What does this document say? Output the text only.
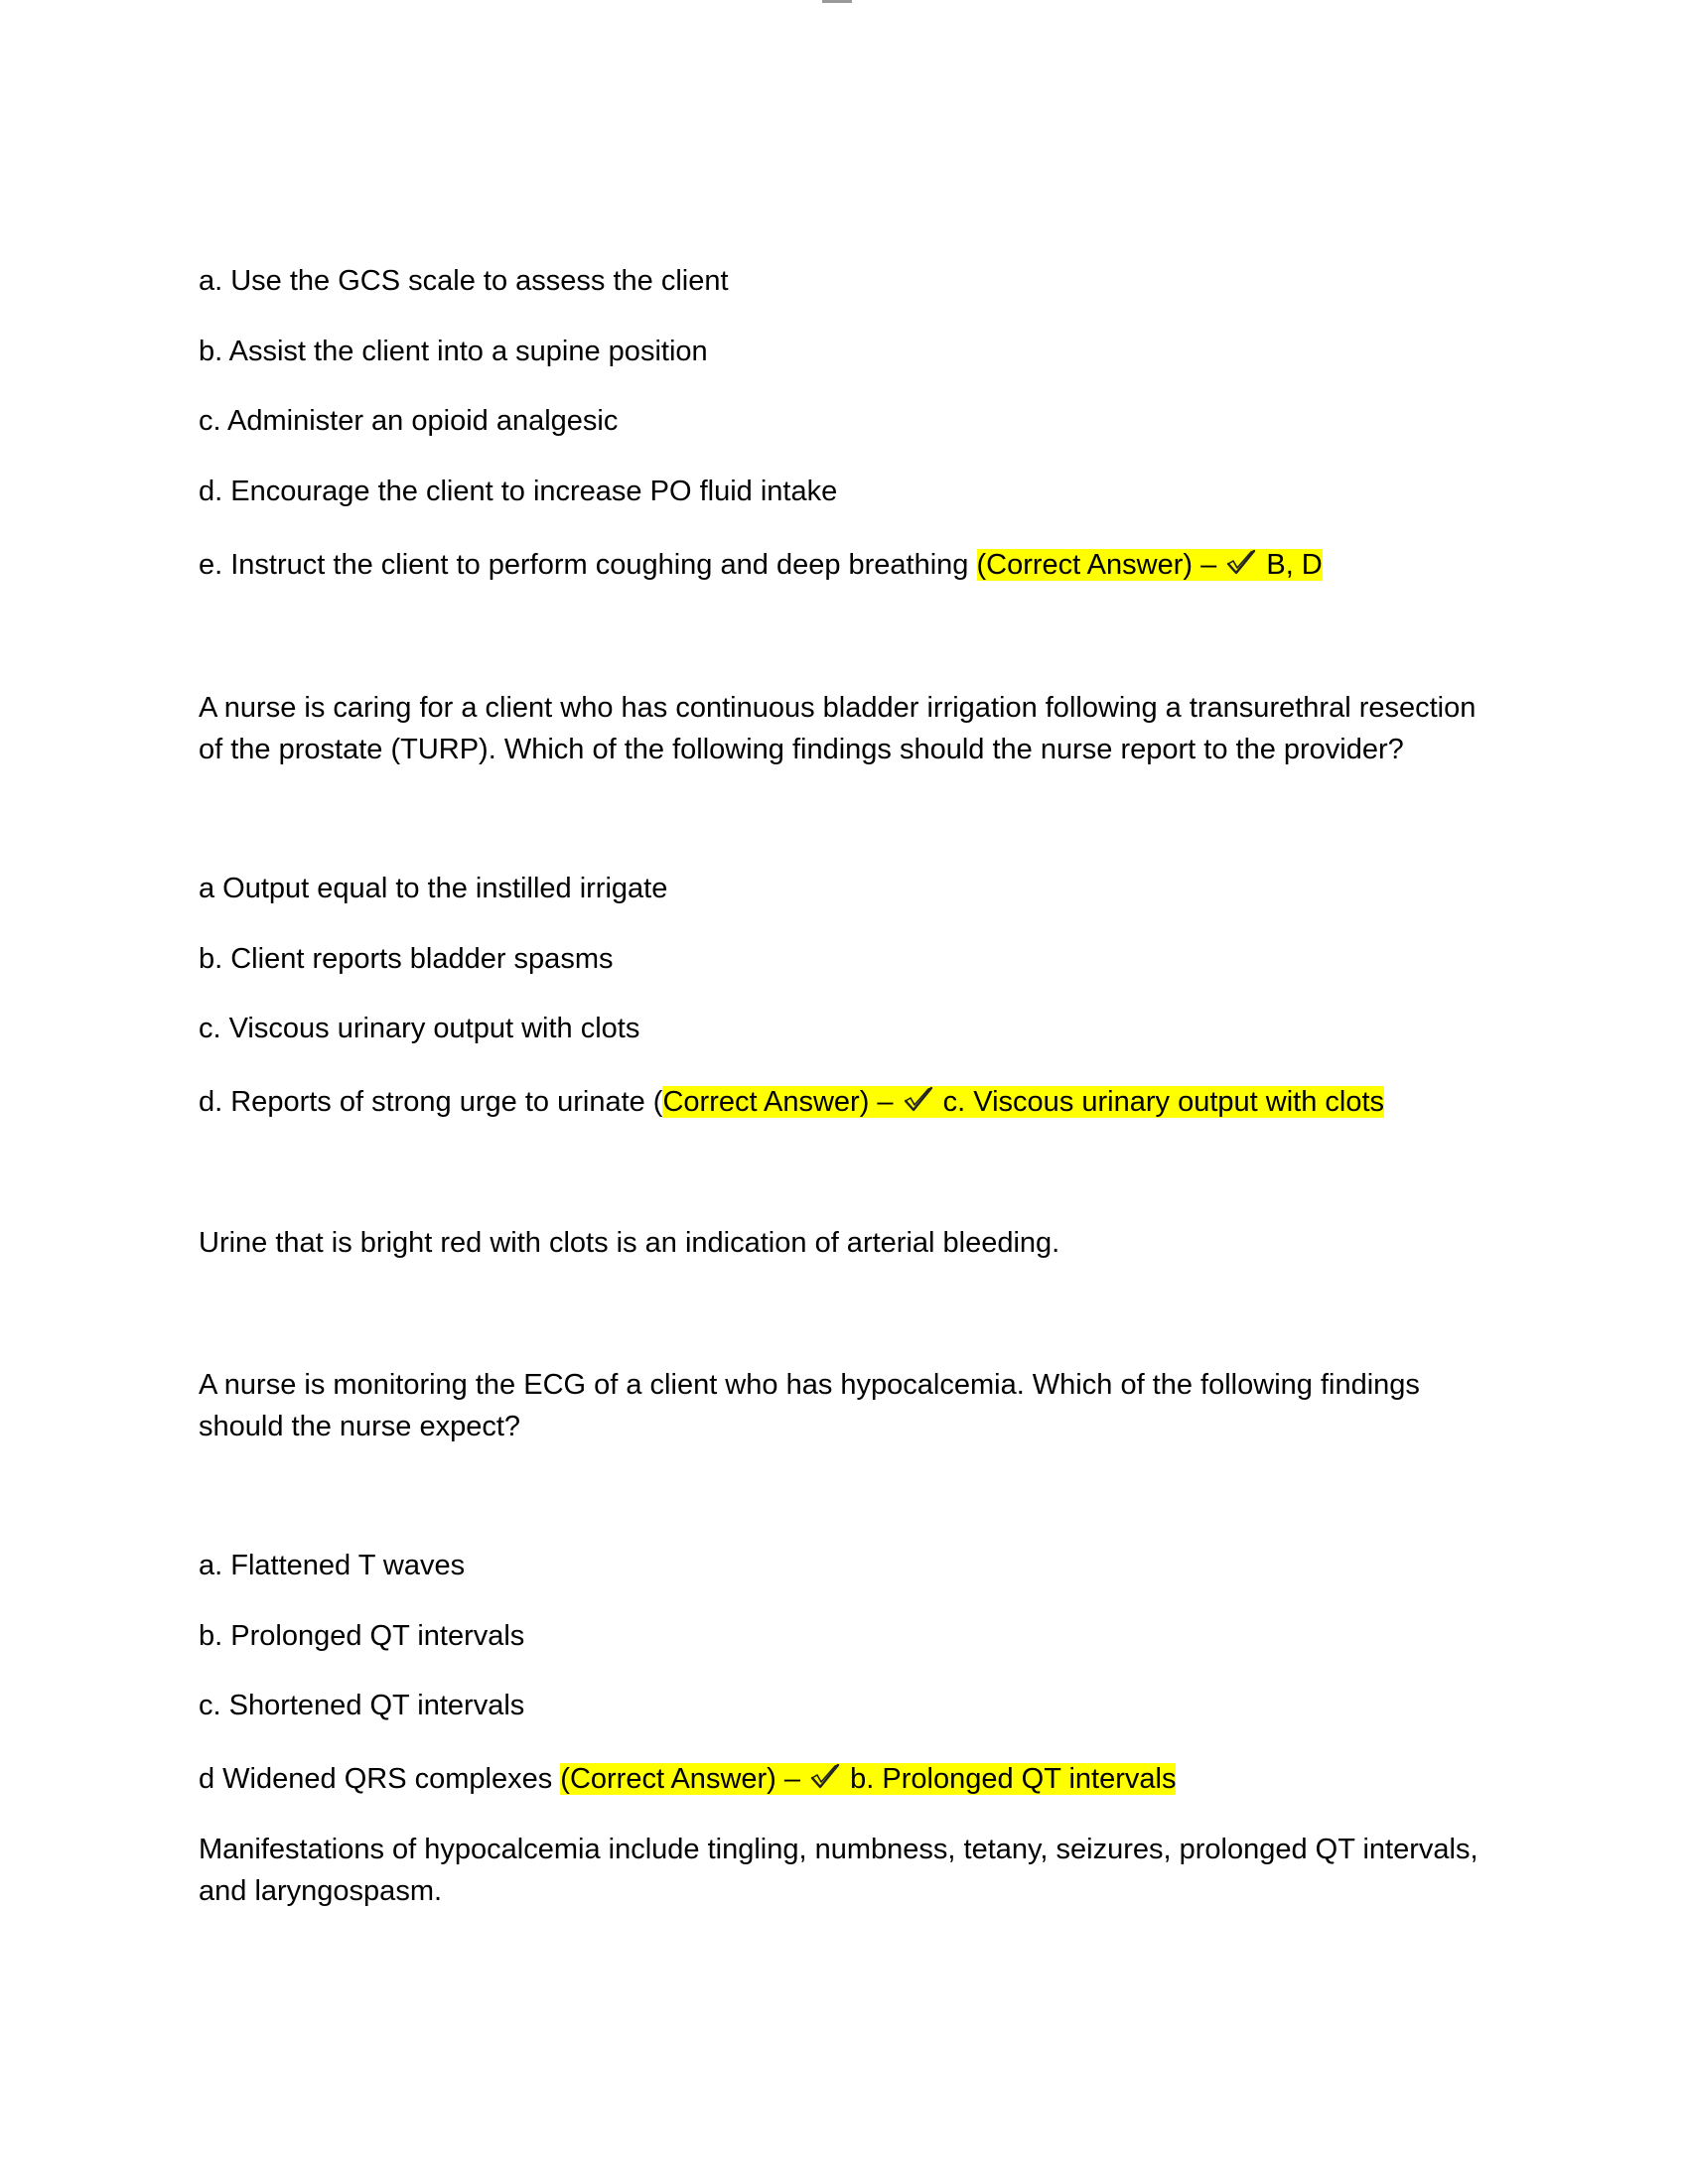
a. Use the GCS scale to assess the client
b. Assist the client into a supine position
c. Administer an opioid analgesic
d. Encourage the client to increase PO fluid intake
e. Instruct the client to perform coughing and deep breathing (Correct Answer) –
B, D
A nurse is caring for a client who has continuous bladder irrigation following a transurethral resection of the prostate (TURP). Which of the following findings should the nurse report to the provider?
a Output equal to the instilled irrigate
b. Client reports bladder spasms
c. Viscous urinary output with clots
d. Reports of strong urge to urinate (Correct Answer) –
c. Viscous urinary output with clots
Urine that is bright red with clots is an indication of arterial bleeding.
A nurse is monitoring the ECG of a client who has hypocalcemia. Which of the following findings should the nurse expect?
a. Flattened T waves
b. Prolonged QT intervals
c. Shortened QT intervals
d Widened QRS complexes (Correct Answer) –
b. Prolonged QT intervals
Manifestations of hypocalcemia include tingling, numbness, tetany, seizures, prolonged QT intervals, and laryngospasm.
